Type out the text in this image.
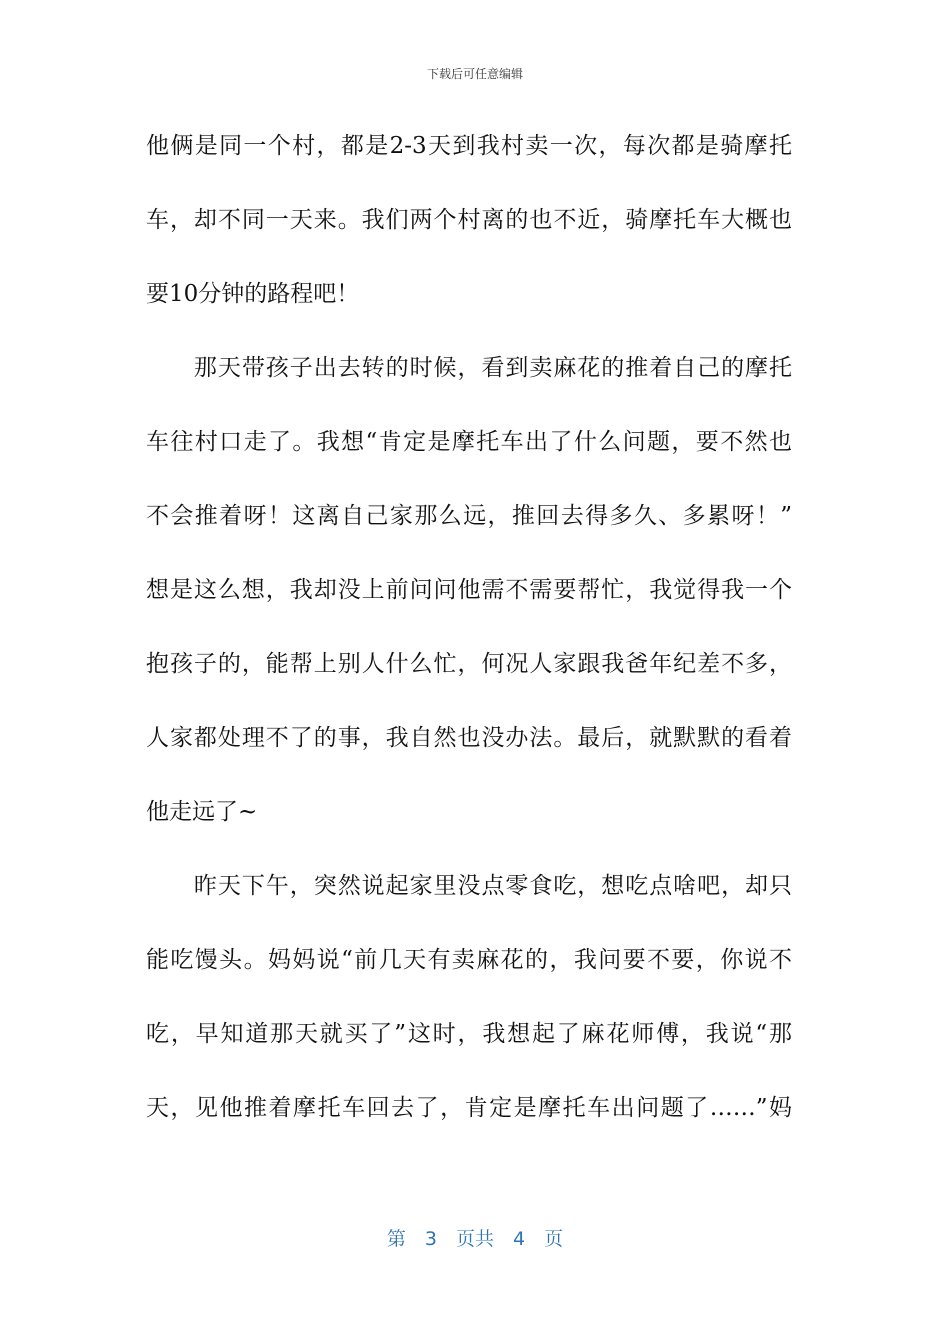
下载后可任意编辑
他俩是同一个村，都是2-3天到我村卖一次，每次都是骑摩托
车，却不同一天来。我们两个村离的也不近，骑摩托车大概也
要10分钟的路程吧！
　　那天带孩子出去转的时候，看到卖麻花的推着自己的摩托
车往村口走了。我想“肯定是摩托车出了什么问题，要不然也
不会推着呀！这离自己家那么远，推回去得多久、多累呀！”
想是这么想，我却没上前问问他需不需要帮忙，我觉得我一个
抱孩子的，能帮上别人什么忙，何况人家跟我爸年纪差不多，
人家都处理不了的事，我自然也没办法。最后，就默默的看着
他走远了~
　　昨天下午，突然说起家里没点零食吃，想吃点啥吧，却只
能吃馒头。妈妈说“前几天有卖麻花的，我问要不要，你说不
吃，早知道那天就买了”这时，我想起了麻花师傅，我说“那
天，见他推着摩托车回去了，肯定是摩托车出问题了……”妈
第　3　页共　4　页
